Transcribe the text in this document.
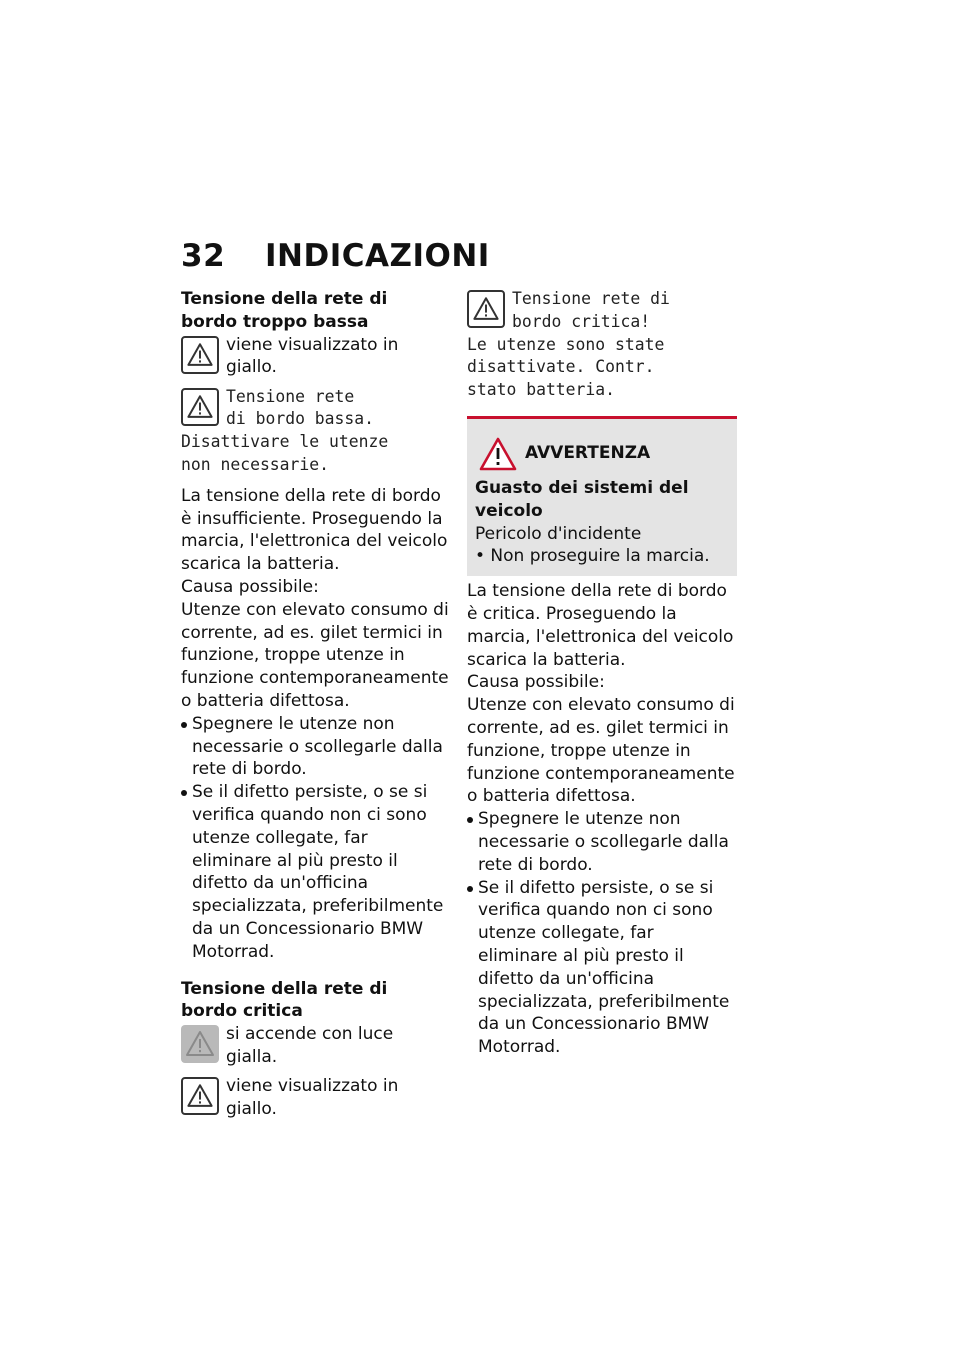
32 INDICAZIONI
Tensione della rete di bordo troppo bassa
viene visualizzato in giallo.
Tensione rete
di bordo bassa.
Disattivare le utenze
non necessarie.
La tensione della rete di bordo è insufficiente. Proseguendo la marcia, l'elettronica del veicolo scarica la batteria.
Causa possibile:
Utenze con elevato consumo di corrente, ad es. gilet termici in funzione, troppe utenze in funzione contemporaneamente o batteria difettosa.
Spegnere le utenze non necessarie o scollegarle dalla rete di bordo.
Se il difetto persiste, o se si verifica quando non ci sono utenze collegate, far eliminare al più presto il difetto da un'officina specializzata, preferibilmente da un Concessionario BMW Motorrad.
Tensione della rete di bordo critica
si accende con luce gialla.
viene visualizzato in giallo.
Tensione rete di
bordo critica!
Le utenze sono state
disattivate. Contr.
stato batteria.
AVVERTENZA
Guasto dei sistemi del veicolo
Pericolo d'incidente
• Non proseguire la marcia.
La tensione della rete di bordo è critica. Proseguendo la marcia, l'elettronica del veicolo scarica la batteria.
Causa possibile:
Utenze con elevato consumo di corrente, ad es. gilet termici in funzione, troppe utenze in funzione contemporaneamente o batteria difettosa.
Spegnere le utenze non necessarie o scollegarle dalla rete di bordo.
Se il difetto persiste, o se si verifica quando non ci sono utenze collegate, far eliminare al più presto il difetto da un'officina specializzata, preferibilmente da un Concessionario BMW Motorrad.
